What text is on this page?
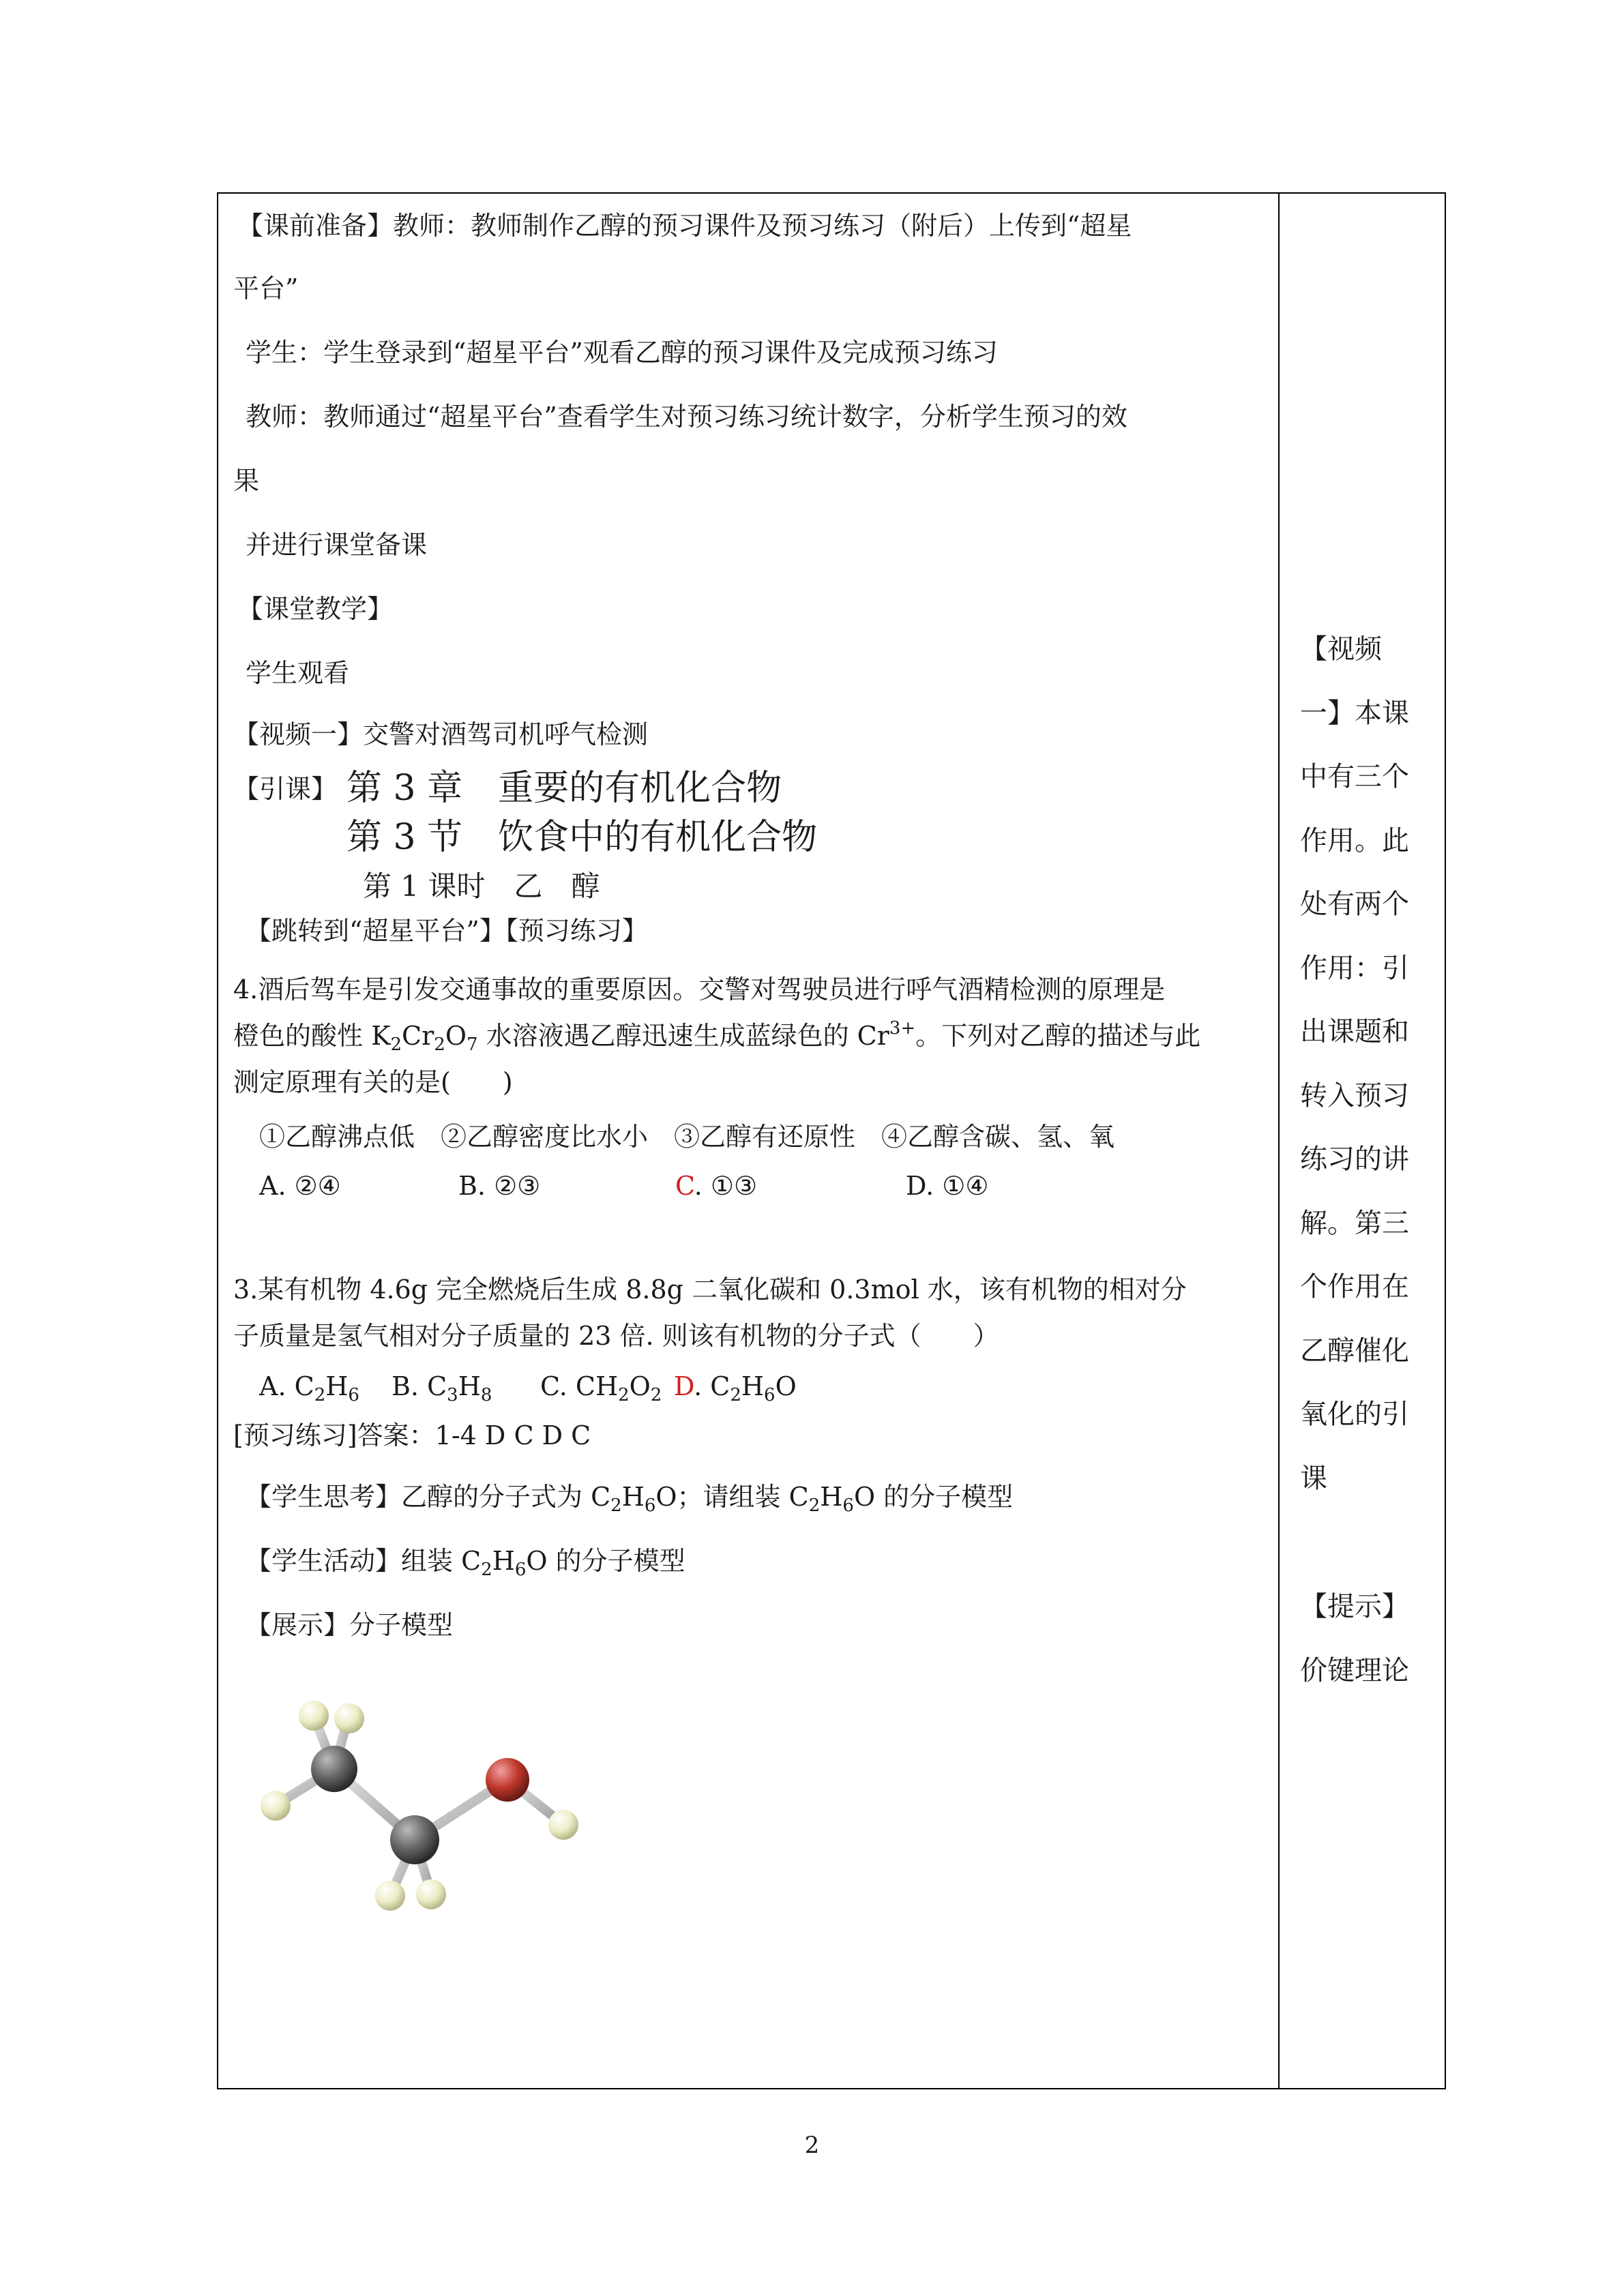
【课前准备】教师：教师制作乙醇的预习课件及预习练习（附后）上传到“超星
平台”
学生：学生登录到“超星平台”观看乙醇的预习课件及完成预习练习
教师：教师通过“超星平台”查看学生对预习练习统计数字，分析学生预习的效
果
并进行课堂备课
【课堂教学】
学生观看
【视频一】交警对酒驾司机呼气检测
【引课】 第 3 章　重要的有机化合物
第 3 节　饮食中的有机化合物
第 1 课时　乙　醇
【跳转到“超星平台”】【预习练习】
4.酒后驾车是引发交通事故的重要原因。交警对驾驶员进行呼气酒精检测的原理是
橙色的酸性 $K_2Cr_2O_7$ 水溶液遇乙醇迅速生成蓝绿色的 $Cr^{3+}$。下列对乙醇的描述与此
测定原理有关的是(　　)
①乙醇沸点低　②乙醇密度比水小　③乙醇有还原性　④乙醇含碳、氢、氧
A. ②④	B. ②③	C. ①③	D. ①④
3.某有机物 4.6g 完全燃烧后生成 8.8g 二氧化碳和 0.3mol 水，该有机物的相对分
子质量是氢气相对分子质量的 23 倍. 则该有机物的分子式（　　）
A. $C_2H_6$ B. $C_3H_8$ C. $CH_2O_2$ D. $C_2H_6O$
[预习练习]答案：1-4 D C D C
【学生思考】乙醇的分子式为 $C_2H_6O$；请组装 $C_2H_6O$ 的分子模型
【学生活动】组装 $C_2H_6O$ 的分子模型
【展示】分子模型
【视频
一】本课
中有三个
作用。此
处有两个
作用：引
出课题和
转入预习
练习的讲
解。第三
个作用在
乙醇催化
氧化的引
课
【提示】
价键理论
2
